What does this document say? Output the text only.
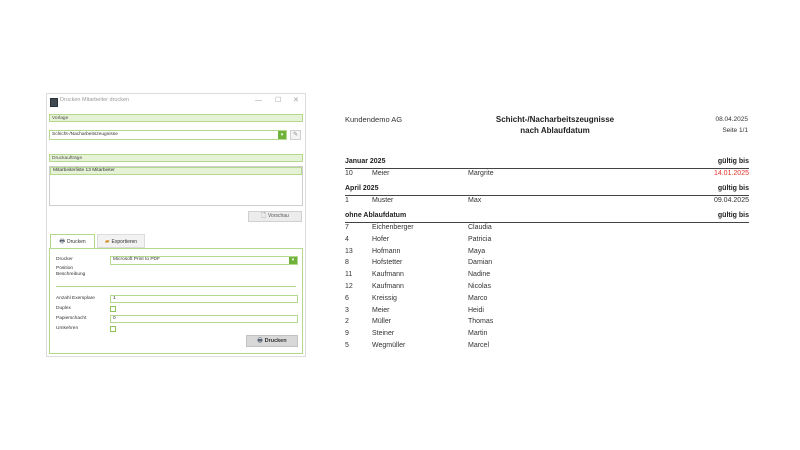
Drucken Mitarbeiter drucken	— ☐ ✕
Vorlage
Schicht-/Nacharbeitszeugnisse	▾	✎
Druckaufträge
Mitarbeiterliste 13 Mitarbeiter
🗋 Vorschau
🖶 Drucken	▰ Exportieren
Drucker	Microsoft Print to PDF	▾
Position
Beschreibung
Anzahl Exemplare	1
Duplex
Papierschacht	0
Umkehren
🖶 Drucken
Kundendemo AG	Schicht-/Nacharbeitszeugnisse
nach Ablaufdatum
08.04.2025
Seite 1/1
Januar 2025	gültig bis
10	Meier	Margrite	14.01.2025
April 2025	gültig bis
1	Muster	Max	09.04.2025
ohne Ablaufdatum	gültig bis
7	Eichenberger	Claudia
4	Hofer	Patricia
13	Hofmann	Maya
8	Hofstetter	Damian
11	Kaufmann	Nadine
12	Kaufmann	Nicolas
6	Kreissig	Marco
3	Meier	Heidi
2	Müller	Thomas
9	Steiner	Martin
5	Wegmüller	Marcel
